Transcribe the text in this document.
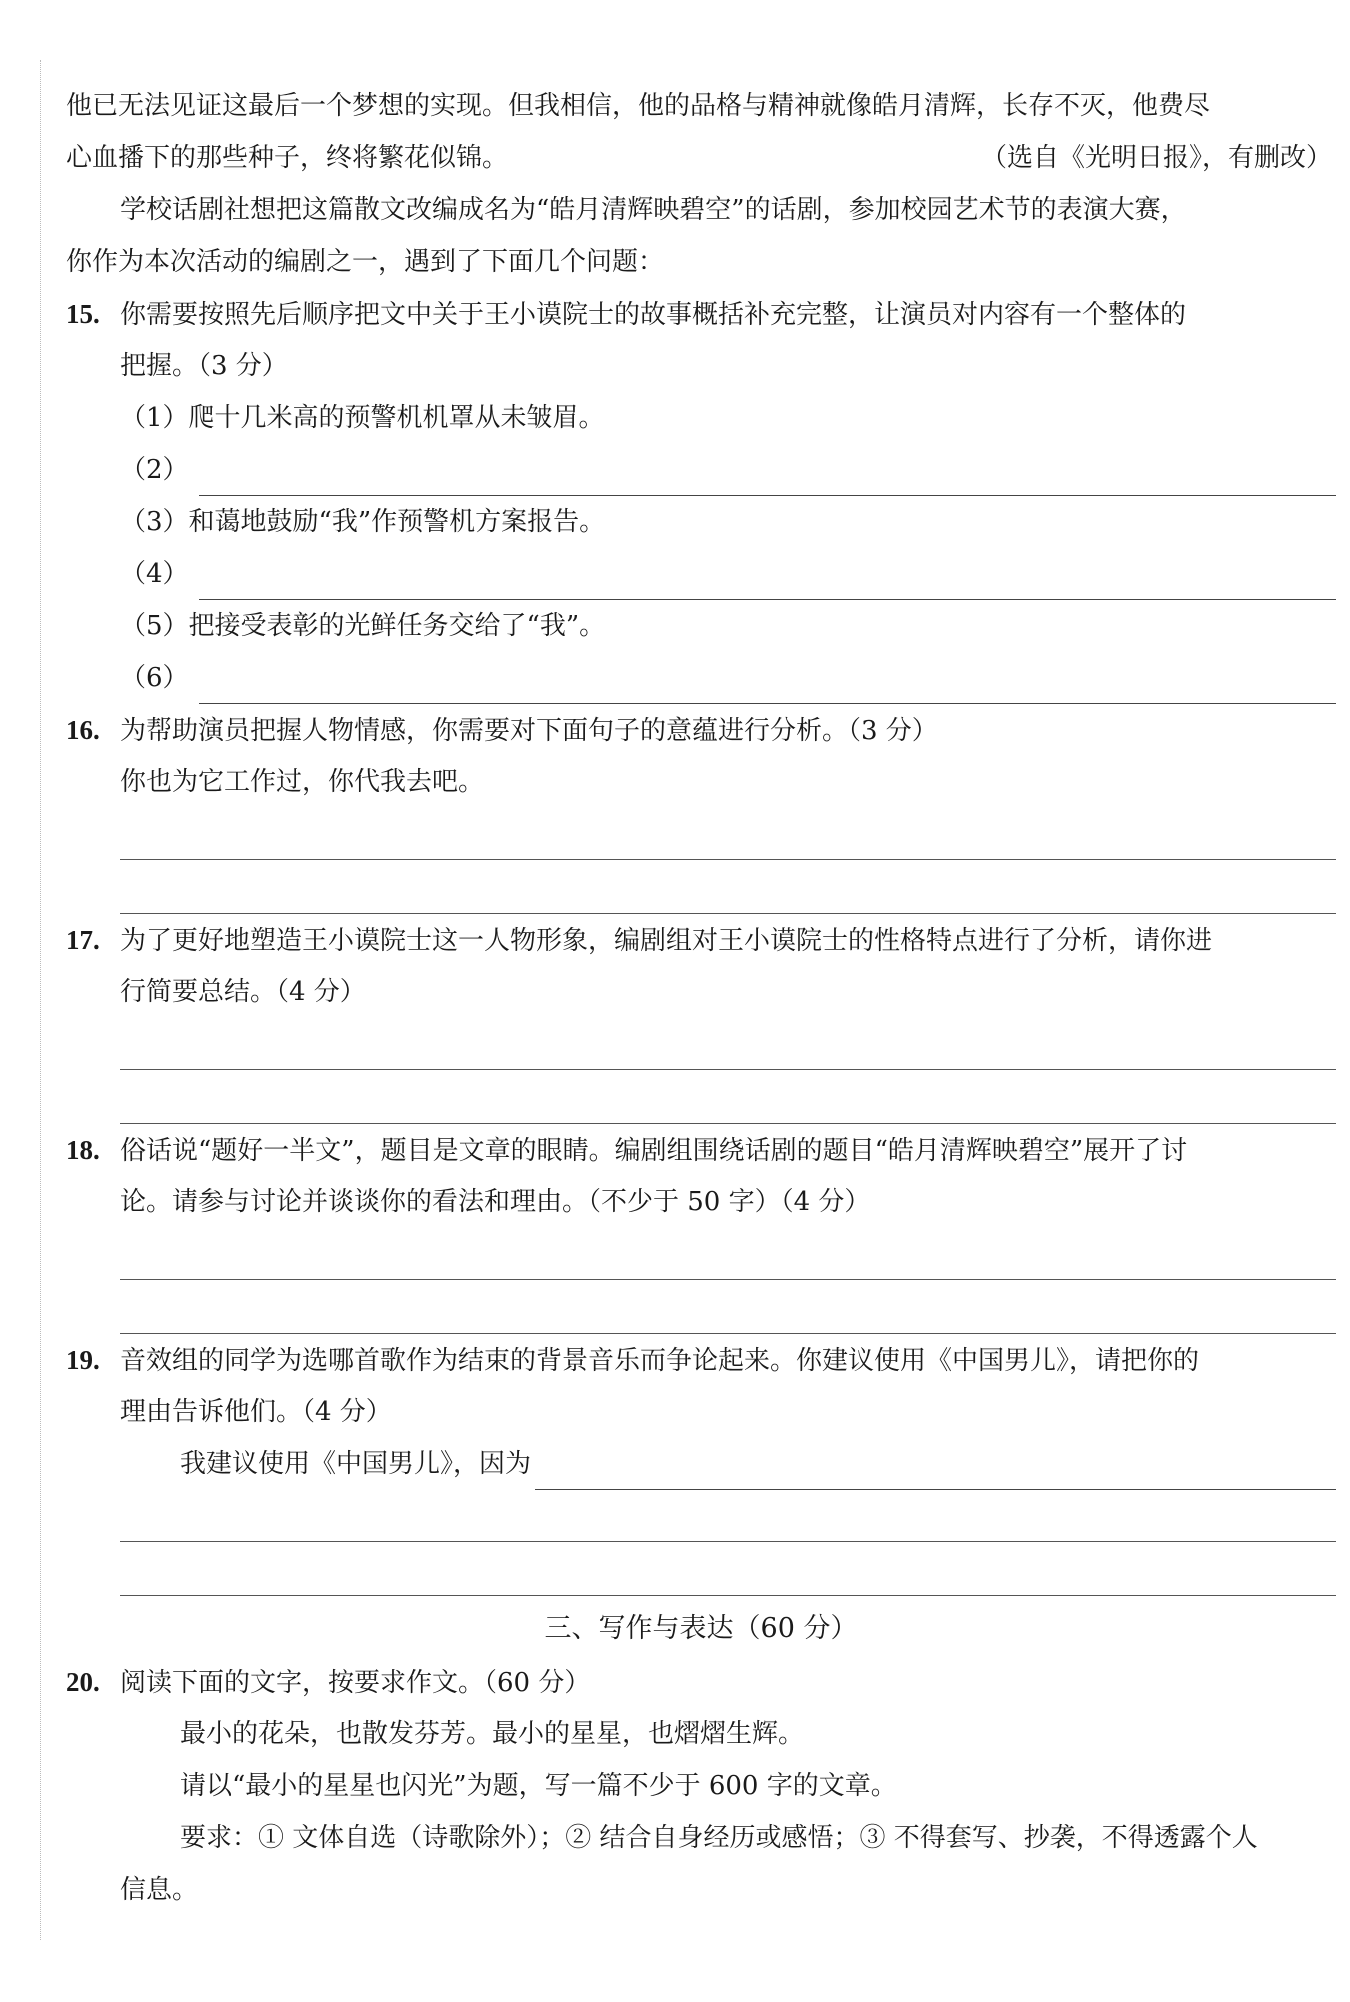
他已无法见证这最后一个梦想的实现。但我相信，他的品格与精神就像皓月清辉，长存不灭，他费尽
心血播下的那些种子，终将繁花似锦。	（选自《光明日报》，有删改）
学校话剧社想把这篇散文改编成名为“皓月清辉映碧空”的话剧，参加校园艺术节的表演大赛，
你作为本次活动的编剧之一，遇到了下面几个问题：
15. 你需要按照先后顺序把文中关于王小谟院士的故事概括补充完整，让演员对内容有一个整体的
把握。（3 分）
（1）爬十几米高的预警机机罩从未皱眉。
（2）
（3）和蔼地鼓励“我”作预警机方案报告。
（4）
（5）把接受表彰的光鲜任务交给了“我”。
（6）
16. 为帮助演员把握人物情感，你需要对下面句子的意蕴进行分析。（3 分）
你也为它工作过，你代我去吧。
17. 为了更好地塑造王小谟院士这一人物形象，编剧组对王小谟院士的性格特点进行了分析，请你进
行简要总结。（4 分）
18. 俗话说“题好一半文”，题目是文章的眼睛。编剧组围绕话剧的题目“皓月清辉映碧空”展开了讨
论。请参与讨论并谈谈你的看法和理由。（不少于 50 字）（4 分）
19. 音效组的同学为选哪首歌作为结束的背景音乐而争论起来。你建议使用《中国男儿》，请把你的
理由告诉他们。（4 分）
我建议使用《中国男儿》，因为
三、写作与表达（60 分）
20. 阅读下面的文字，按要求作文。（60 分）
最小的花朵，也散发芬芳。最小的星星，也熠熠生辉。
请以“最小的星星也闪光”为题，写一篇不少于 600 字的文章。
要求：① 文体自选（诗歌除外）；② 结合自身经历或感悟；③ 不得套写、抄袭，不得透露个人
信息。
